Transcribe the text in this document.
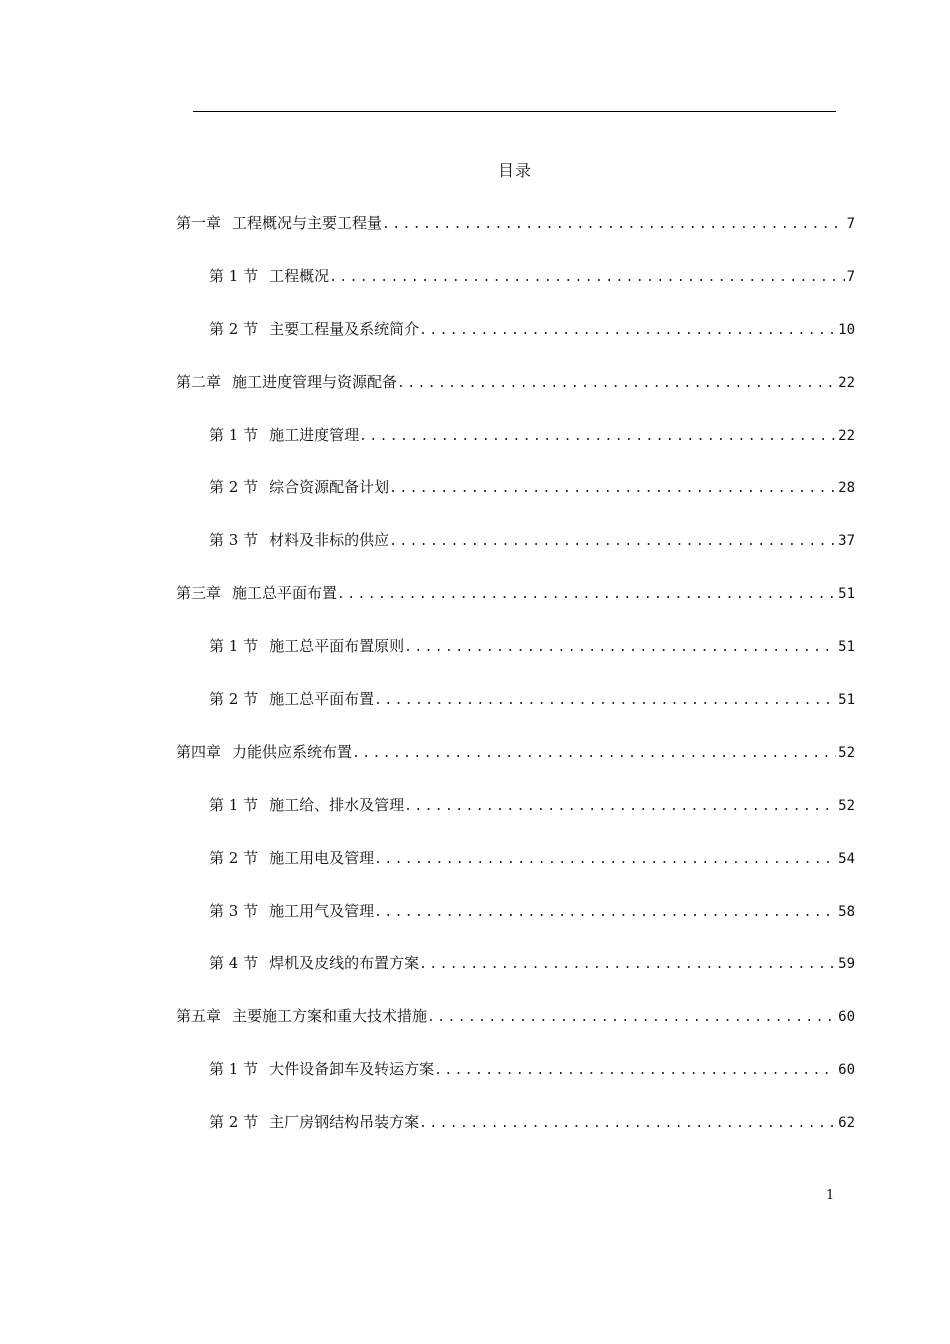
目录
第一章 工程概况与主要工程量 .....	7
第 1 节 工程概况 .....	7
第 2 节 主要工程量及系统简介 .....	10
第二章 施工进度管理与资源配备 .....	22
第 1 节 施工进度管理 .....	22
第 2 节 综合资源配备计划 .....	28
第 3 节 材料及非标的供应 .....	37
第三章 施工总平面布置 .....	51
第 1 节 施工总平面布置原则 .....	51
第 2 节 施工总平面布置 .....	51
第四章 力能供应系统布置 .....	52
第 1 节 施工给、排水及管理 .....	52
第 2 节 施工用电及管理 .....	54
第 3 节 施工用气及管理 .....	58
第 4 节 焊机及皮线的布置方案 .....	59
第五章 主要施工方案和重大技术措施 .....	60
第 1 节 大件设备卸车及转运方案 .....	60
第 2 节 主厂房钢结构吊装方案 .....	62
1
